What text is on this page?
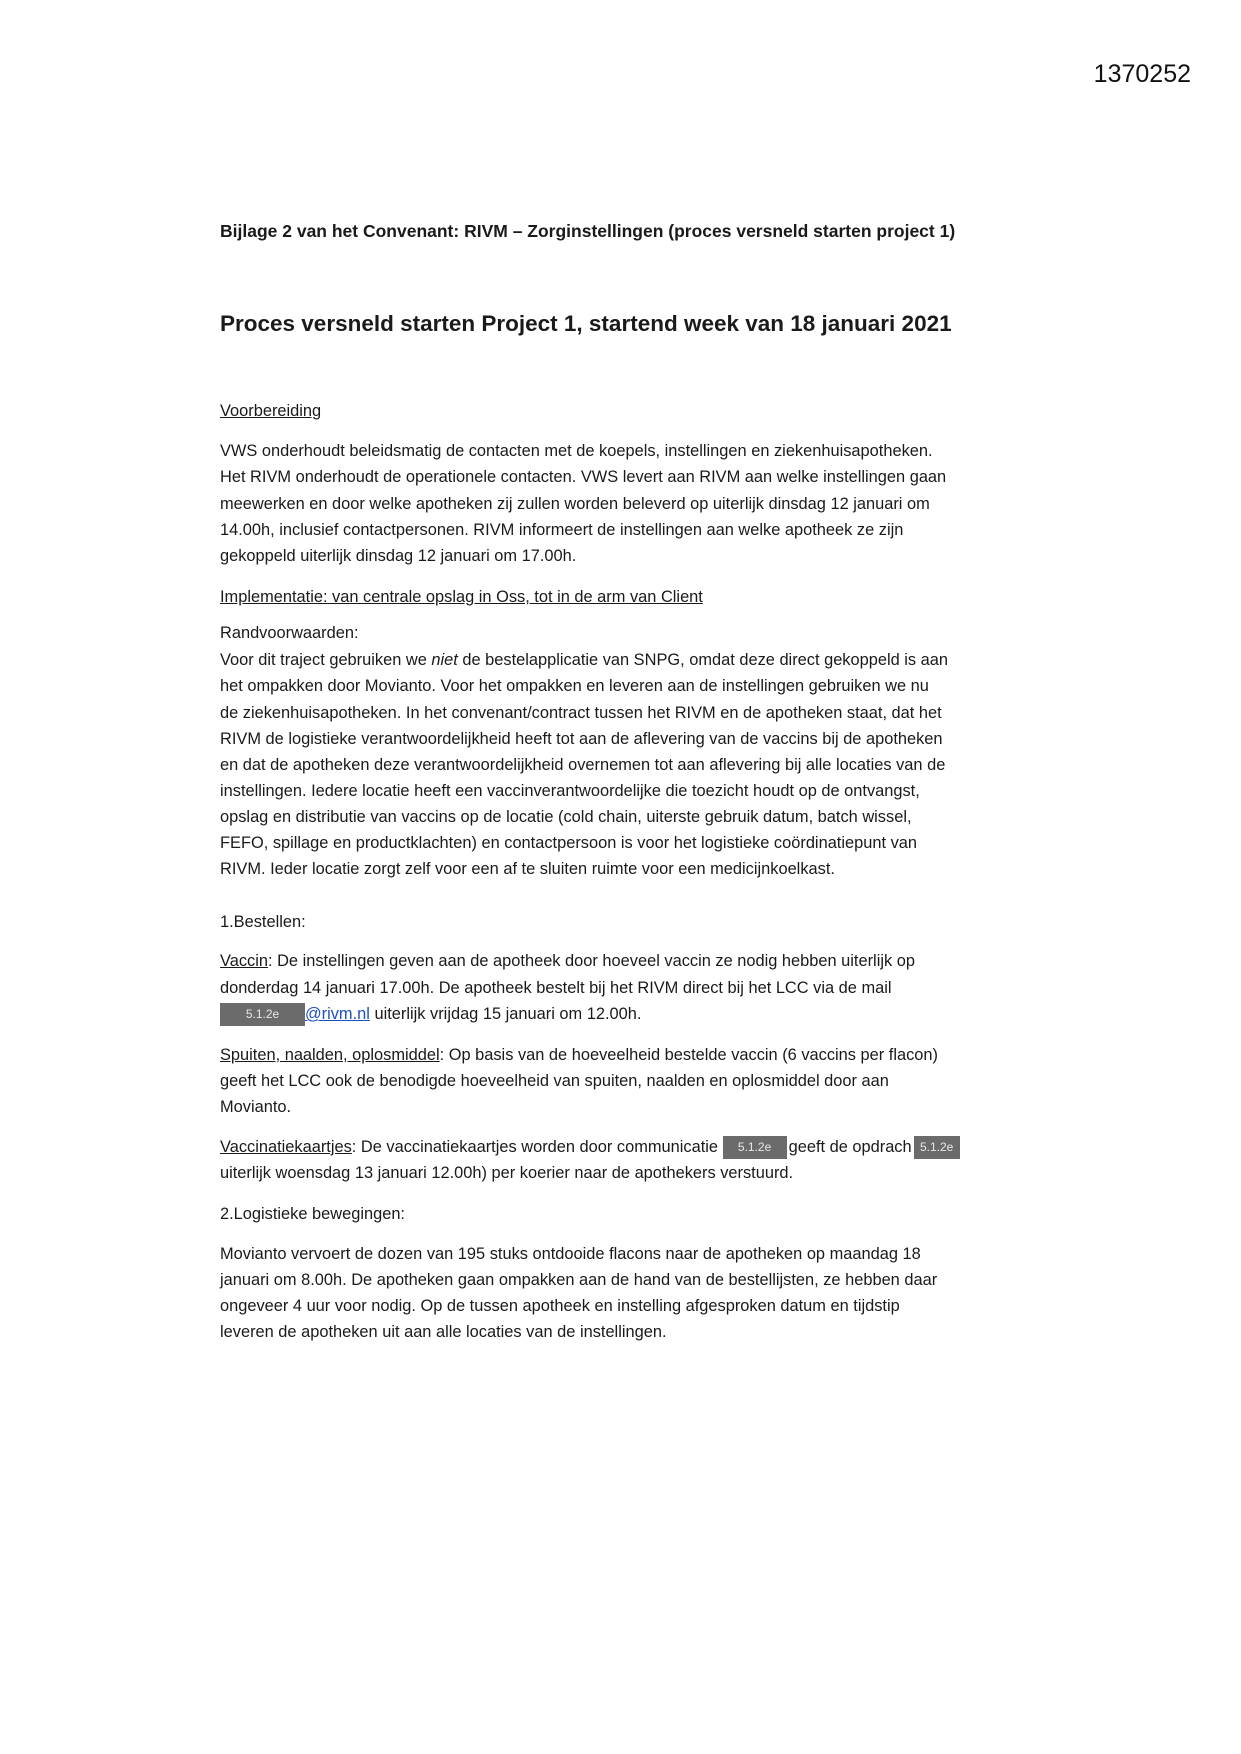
1370252
Bijlage 2 van het Convenant: RIVM – Zorginstellingen (proces versneld starten project 1)
Proces versneld starten Project 1, startend week van 18 januari 2021
Voorbereiding
VWS onderhoudt beleidsmatig de contacten met de koepels, instellingen en ziekenhuisapotheken.
Het RIVM onderhoudt de operationele contacten. VWS levert aan RIVM aan welke instellingen gaan
meewerken en door welke apotheken zij zullen worden beleverd op uiterlijk dinsdag 12 januari om
14.00h, inclusief contactpersonen. RIVM informeert de instellingen aan welke apotheek ze zijn
gekoppeld uiterlijk dinsdag 12 januari om 17.00h.
Implementatie: van centrale opslag in Oss, tot in de arm van Client
Randvoorwaarden:
Voor dit traject gebruiken we niet de bestelapplicatie van SNPG, omdat deze direct gekoppeld is aan
het ompakken door Movianto. Voor het ompakken en leveren aan de instellingen gebruiken we nu
de ziekenhuisapotheken. In het convenant/contract tussen het RIVM en de apotheken staat, dat het
RIVM de logistieke verantwoordelijkheid heeft tot aan de aflevering van de vaccins bij de apotheken
en dat de apotheken deze verantwoordelijkheid overnemen tot aan aflevering bij alle locaties van de
instellingen. Iedere locatie heeft een vaccinverantwoordelijke die toezicht houdt op de ontvangst,
opslag en distributie van vaccins op de locatie (cold chain, uiterste gebruik datum, batch wissel,
FEFO, spillage en productklachten) en contactpersoon is voor het logistieke coördinatiepunt van
RIVM. Ieder locatie zorgt zelf voor een af te sluiten ruimte voor een medicijnkoelkast.
1.Bestellen:
Vaccin: De instellingen geven aan de apotheek door hoeveel vaccin ze nodig hebben uiterlijk op
donderdag 14 januari 17.00h. De apotheek bestelt bij het RIVM direct bij het LCC via de mail
5.1.2e @rivm.nl uiterlijk vrijdag 15 januari om 12.00h.
Spuiten, naalden, oplosmiddel: Op basis van de hoeveelheid bestelde vaccin (6 vaccins per flacon)
geeft het LCC ook de benodigde hoeveelheid van spuiten, naalden en oplosmiddel door aan
Movianto.
Vaccinatiekaartjes: De vaccinatiekaartjes worden door communicatie 5.1.2e geeft de opdrach 5.1.2e
uiterlijk woensdag 13 januari 12.00h) per koerier naar de apothekers verstuurd.
2.Logistieke bewegingen:
Movianto vervoert de dozen van 195 stuks ontdooide flacons naar de apotheken op maandag 18
januari om 8.00h. De apotheken gaan ompakken aan de hand van de bestellijsten, ze hebben daar
ongeveer 4 uur voor nodig. Op de tussen apotheek en instelling afgesproken datum en tijdstip
leveren de apotheken uit aan alle locaties van de instellingen.
